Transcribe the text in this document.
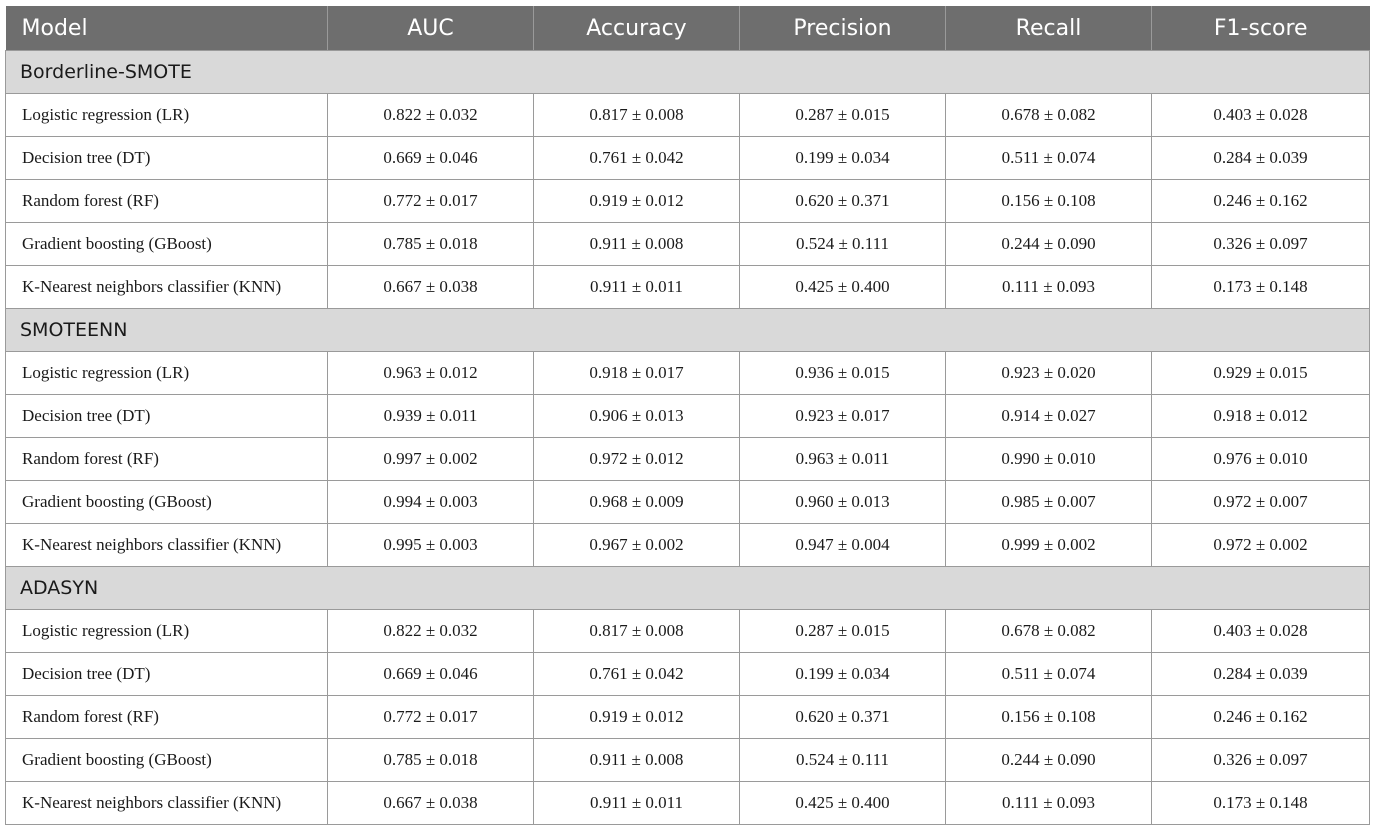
Model	AUC	Accuracy	Precision	Recall	F1-score
Borderline-SMOTE					
Logistic regression (LR)	0.822 ± 0.032	0.817 ± 0.008	0.287 ± 0.015	0.678 ± 0.082	0.403 ± 0.028
Decision tree (DT)	0.669 ± 0.046	0.761 ± 0.042	0.199 ± 0.034	0.511 ± 0.074	0.284 ± 0.039
Random forest (RF)	0.772 ± 0.017	0.919 ± 0.012	0.620 ± 0.371	0.156 ± 0.108	0.246 ± 0.162
Gradient boosting (GBoost)	0.785 ± 0.018	0.911 ± 0.008	0.524 ± 0.111	0.244 ± 0.090	0.326 ± 0.097
K-Nearest neighbors classifier (KNN)	0.667 ± 0.038	0.911 ± 0.011	0.425 ± 0.400	0.111 ± 0.093	0.173 ± 0.148
SMOTEENN					
Logistic regression (LR)	0.963 ± 0.012	0.918 ± 0.017	0.936 ± 0.015	0.923 ± 0.020	0.929 ± 0.015
Decision tree (DT)	0.939 ± 0.011	0.906 ± 0.013	0.923 ± 0.017	0.914 ± 0.027	0.918 ± 0.012
Random forest (RF)	0.997 ± 0.002	0.972 ± 0.012	0.963 ± 0.011	0.990 ± 0.010	0.976 ± 0.010
Gradient boosting (GBoost)	0.994 ± 0.003	0.968 ± 0.009	0.960 ± 0.013	0.985 ± 0.007	0.972 ± 0.007
K-Nearest neighbors classifier (KNN)	0.995 ± 0.003	0.967 ± 0.002	0.947 ± 0.004	0.999 ± 0.002	0.972 ± 0.002
ADASYN					
Logistic regression (LR)	0.822 ± 0.032	0.817 ± 0.008	0.287 ± 0.015	0.678 ± 0.082	0.403 ± 0.028
Decision tree (DT)	0.669 ± 0.046	0.761 ± 0.042	0.199 ± 0.034	0.511 ± 0.074	0.284 ± 0.039
Random forest (RF)	0.772 ± 0.017	0.919 ± 0.012	0.620 ± 0.371	0.156 ± 0.108	0.246 ± 0.162
Gradient boosting (GBoost)	0.785 ± 0.018	0.911 ± 0.008	0.524 ± 0.111	0.244 ± 0.090	0.326 ± 0.097
K-Nearest neighbors classifier (KNN)	0.667 ± 0.038	0.911 ± 0.011	0.425 ± 0.400	0.111 ± 0.093	0.173 ± 0.148
